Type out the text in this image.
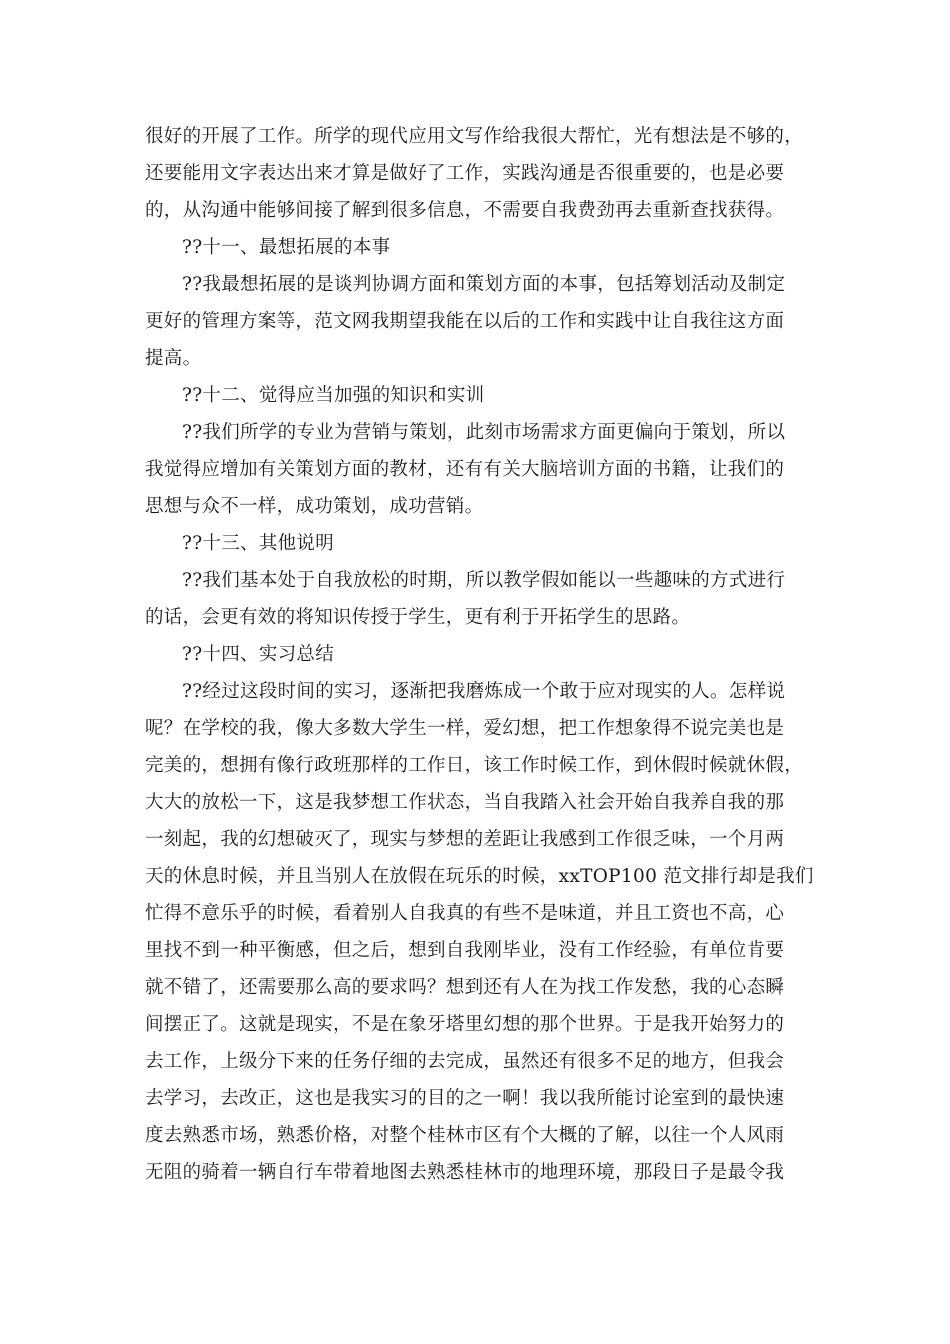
很好的开展了工作。所学的现代应用文写作给我很大帮忙，光有想法是不够的，
还要能用文字表达出来才算是做好了工作，实践沟通是否很重要的，也是必要
的，从沟通中能够间接了解到很多信息，不需要自我费劲再去重新查找获得。
??十一、最想拓展的本事
??我最想拓展的是谈判协调方面和策划方面的本事，包括筹划活动及制定
更好的管理方案等，范文网我期望我能在以后的工作和实践中让自我往这方面
提高。
??十二、觉得应当加强的知识和实训
??我们所学的专业为营销与策划，此刻市场需求方面更偏向于策划，所以
我觉得应增加有关策划方面的教材，还有有关大脑培训方面的书籍，让我们的
思想与众不一样，成功策划，成功营销。
??十三、其他说明
??我们基本处于自我放松的时期，所以教学假如能以一些趣味的方式进行
的话，会更有效的将知识传授于学生，更有利于开拓学生的思路。
??十四、实习总结
??经过这段时间的实习，逐渐把我磨炼成一个敢于应对现实的人。怎样说
呢？在学校的我，像大多数大学生一样，爱幻想，把工作想象得不说完美也是
完美的，想拥有像行政班那样的工作日，该工作时候工作，到休假时候就休假，
大大的放松一下，这是我梦想工作状态，当自我踏入社会开始自我养自我的那
一刻起，我的幻想破灭了，现实与梦想的差距让我感到工作很乏味，一个月两
天的休息时候，并且当别人在放假在玩乐的时候，xxTOP100 范文排行却是我们
忙得不意乐乎的时候，看着别人自我真的有些不是味道，并且工资也不高，心
里找不到一种平衡感，但之后，想到自我刚毕业，没有工作经验，有单位肯要
就不错了，还需要那么高的要求吗？想到还有人在为找工作发愁，我的心态瞬
间摆正了。这就是现实，不是在象牙塔里幻想的那个世界。于是我开始努力的
去工作，上级分下来的任务仔细的去完成，虽然还有很多不足的地方，但我会
去学习，去改正，这也是我实习的目的之一啊！我以我所能讨论室到的最快速
度去熟悉市场，熟悉价格，对整个桂林市区有个大概的了解，以往一个人风雨
无阻的骑着一辆自行车带着地图去熟悉桂林市的地理环境，那段日子是最令我
